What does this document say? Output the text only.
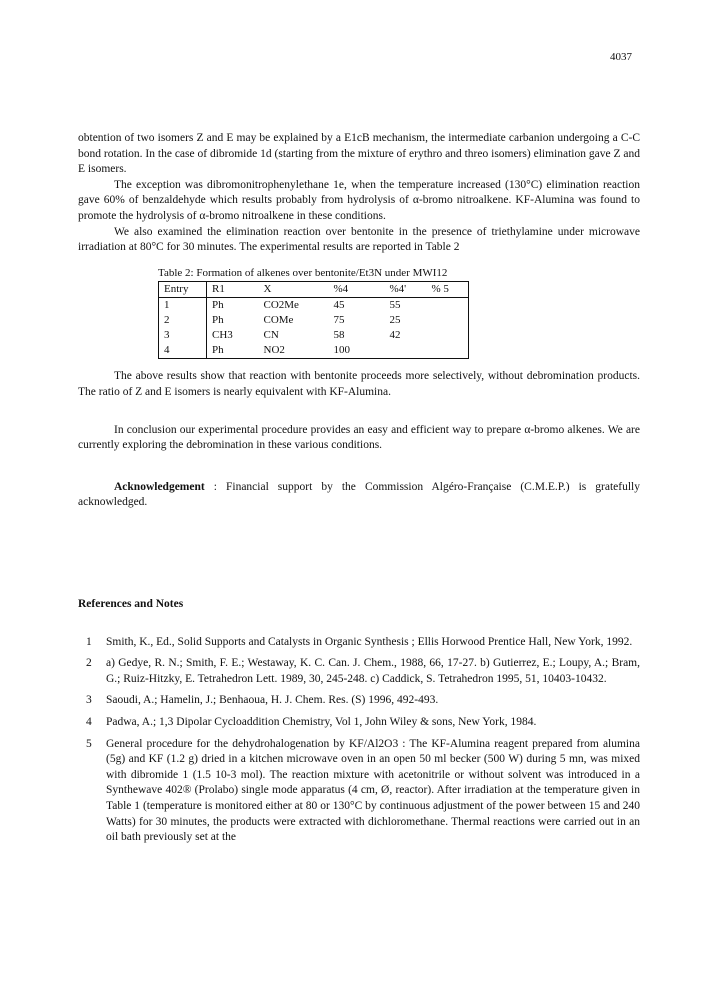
4037

obtention of two isomers Z and E may be explained by a E1cB mechanism, the intermediate carbanion undergoing a C-C bond rotation. In the case of dibromide 1d (starting from the mixture of erythro and threo isomers) elimination gave Z and E isomers.

The exception was dibromonitrophenylethane 1e, when the temperature increased (130°C) elimination reaction gave 60% of benzaldehyde which results probably from hydrolysis of α-bromo nitroalkene. KF-Alumina was found to promote the hydrolysis of α-bromo nitroalkene in these conditions.

We also examined the elimination reaction over bentonite in the presence of triethylamine under microwave irradiation at 80°C for 30 minutes. The experimental results are reported in Table 2

Table 2: Formation of alkenes over bentonite/Et3N under MWI12
Entry	R1	X	%4	%4'	% 5
1	Ph	CO2Me	45	55	
2	Ph	COMe	75	25	
3	CH3	CN	58	42	
4	Ph	NO2	100		

The above results show that reaction with bentonite proceeds more selectively, without debromination products. The ratio of Z and E isomers is nearly equivalent with KF-Alumina.

In conclusion our experimental procedure provides an easy and efficient way to prepare α-bromo alkenes. We are currently exploring the debromination in these various conditions.

Acknowledgement : Financial support by the Commission Algéro-Française (C.M.E.P.) is gratefully acknowledged.

References and Notes
1	Smith, K., Ed., Solid Supports and Catalysts in Organic Synthesis ; Ellis Horwood Prentice Hall, New York, 1992.
2	a) Gedye, R. N.; Smith, F. E.; Westaway, K. C. Can. J. Chem., 1988, 66, 17-27. b) Gutierrez, E.; Loupy, A.; Bram, G.; Ruiz-Hitzky, E. Tetrahedron Lett. 1989, 30, 245-248. c) Caddick, S. Tetrahedron 1995, 51, 10403-10432.
3	Saoudi, A.; Hamelin, J.; Benhaoua, H. J. Chem. Res. (S) 1996, 492-493.
4	Padwa, A.; 1,3 Dipolar Cycloaddition Chemistry, Vol 1, John Wiley & sons, New York, 1984.
5	General procedure for the dehydrohalogenation by KF/Al2O3 : The KF-Alumina reagent prepared from alumina (5g) and KF (1.2 g) dried in a kitchen microwave oven in an open 50 ml becker (500 W) during 5 mn, was mixed with dibromide 1 (1.5 10-3 mol). The reaction mixture with acetonitrile or without solvent was introduced in a Synthewave 402® (Prolabo) single mode apparatus (4 cm, Ø, reactor). After irradiation at the temperature given in Table 1 (temperature is monitored either at 80 or 130°C by continuous adjustment of the power between 15 and 240 Watts) for 30 minutes, the products were extracted with dichloromethane. Thermal reactions were carried out in an oil bath previously set at the
